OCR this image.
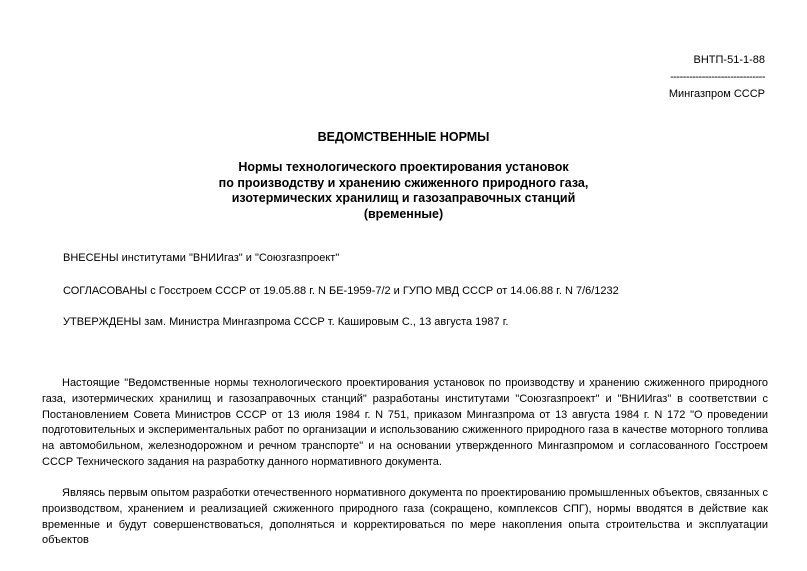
ВНТП-51-1-88
------------------------------
Мингазпром СССР
ВЕДОМСТВЕННЫЕ НОРМЫ
Нормы технологического проектирования установок
по производству и хранению сжиженного природного газа,
изотермических хранилищ и газозаправочных станций
(временные)
ВНЕСЕНЫ институтами "ВНИИгаз" и "Союзгазпроект"
СОГЛАСОВАНЫ с Госстроем СССР от 19.05.88 г. N БЕ-1959-7/2 и ГУПО МВД СССР от 14.06.88 г. N 7/6/1232
УТВЕРЖДЕНЫ зам. Министра Мингазпрома СССР т. Кашировым С., 13 августа 1987 г.
Настоящие "Ведомственные нормы технологического проектирования установок по производству и хранению сжиженного природного газа, изотермических хранилищ и газозаправочных станций" разработаны институтами "Союзгазпроект" и "ВНИИгаз" в соответствии с Постановлением Совета Министров СССР от 13 июля 1984 г. N 751, приказом Мингазпрома от 13 августа 1984 г. N 172 "О проведении подготовительных и экспериментальных работ по организации и использованию сжиженного природного газа в качестве моторного топлива на автомобильном, железнодорожном и речном транспорте" и на основании утвержденного Мингазпромом и согласованного Госстроем СССР Технического задания на разработку данного нормативного документа.
Являясь первым опытом разработки отечественного нормативного документа по проектированию промышленных объектов, связанных с производством, хранением и реализацией сжиженного природного газа (сокращено, комплексов СПГ), нормы вводятся в действие как временные и будут совершенствоваться, дополняться и корректироваться по мере накопления опыта строительства и эксплуатации объектов
